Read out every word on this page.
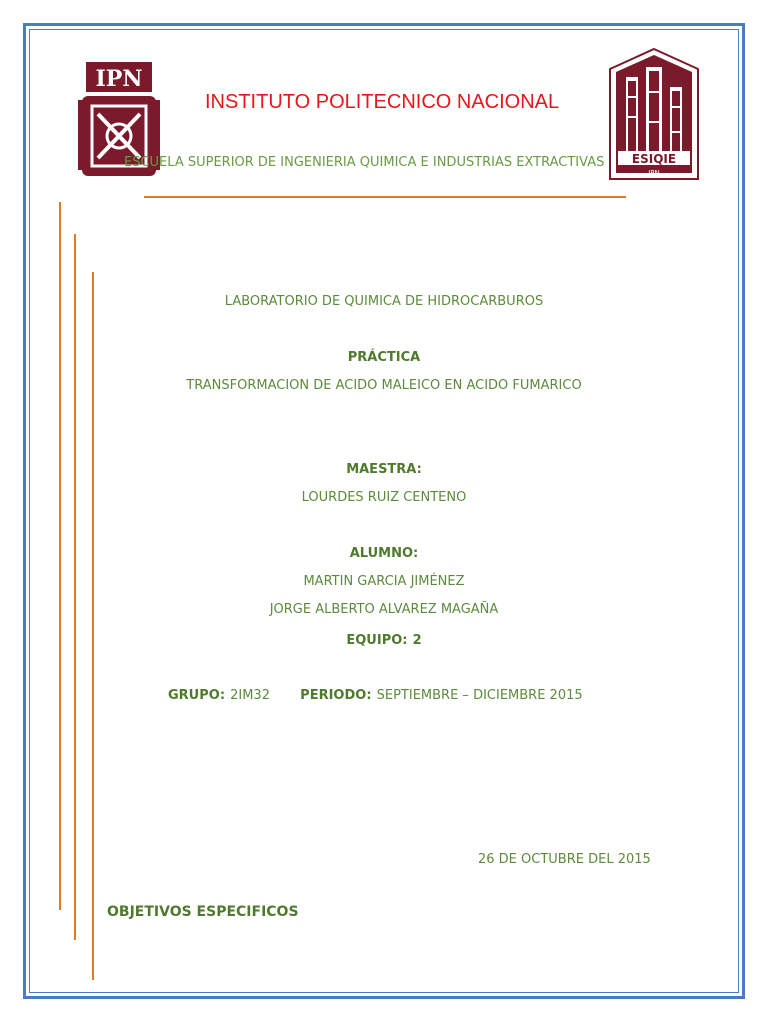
IPN
ESIQIE
IPN
INSTITUTO POLITECNICO NACIONAL
ESCUELA SUPERIOR DE INGENIERIA QUIMICA E INDUSTRIAS EXTRACTIVAS
LABORATORIO DE QUIMICA DE HIDROCARBUROS
PRÁCTICA
TRANSFORMACION DE ACIDO MALEICO EN ACIDO FUMARICO
MAESTRA:
LOURDES RUIZ CENTENO
ALUMNO:
MARTIN GARCIA JIMÉNEZ
JORGE ALBERTO ALVAREZ MAGAÑA
EQUIPO: 2
GRUPO: 2IM32 PERIODO: SEPTIEMBRE – DICIEMBRE 2015
26 DE OCTUBRE DEL 2015
OBJETIVOS ESPECIFICOS
